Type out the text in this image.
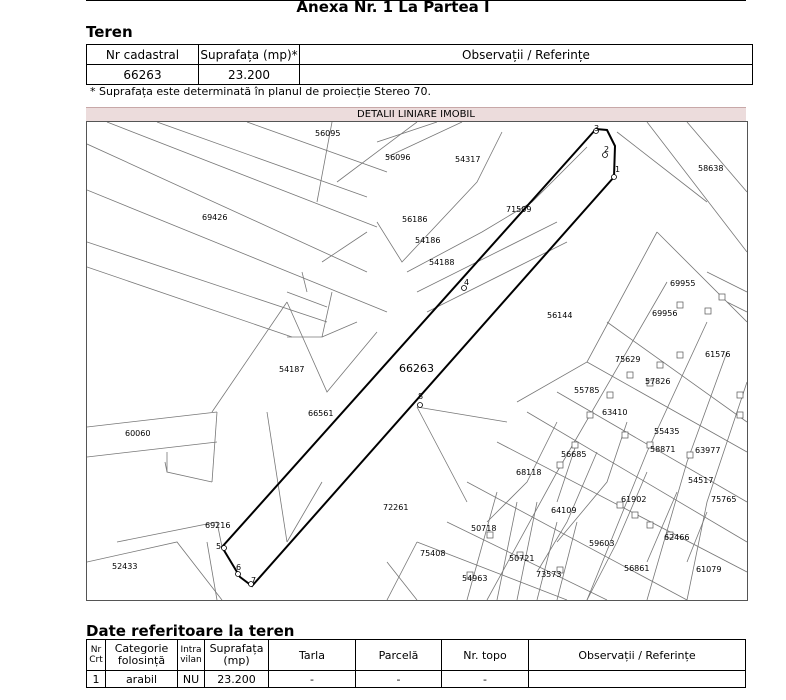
Anexa Nr. 1 La Partea I
Teren
Nr cadastral	Suprafața (mp)*	Observații / Referințe
66263	23.200	
* Suprafața este determinată în planul de proiecție Stereo 70.
DETALII LINIARE IMOBIL
1
2
3
4
5
6
7
8
66263
56095
56096	54317
58638
69426	56186
71509
54186
54188
69955
69956
61576
56144
75629
57826
55785
54187
63410
55435
66561
58871 63977
60060
56685
68118
54517
75765
61902
64109
72261
62466
69216	50718
59603
52433
75408
50721
73573
56861	61079
54963
Date referitoare la teren
Nr Crt	Categorie folosință	Intra vilan	Suprafața (mp)	Tarla	Parcelă	Nr. topo	Observații / Referințe
1	arabil	NU	23.200	-	-	-	
